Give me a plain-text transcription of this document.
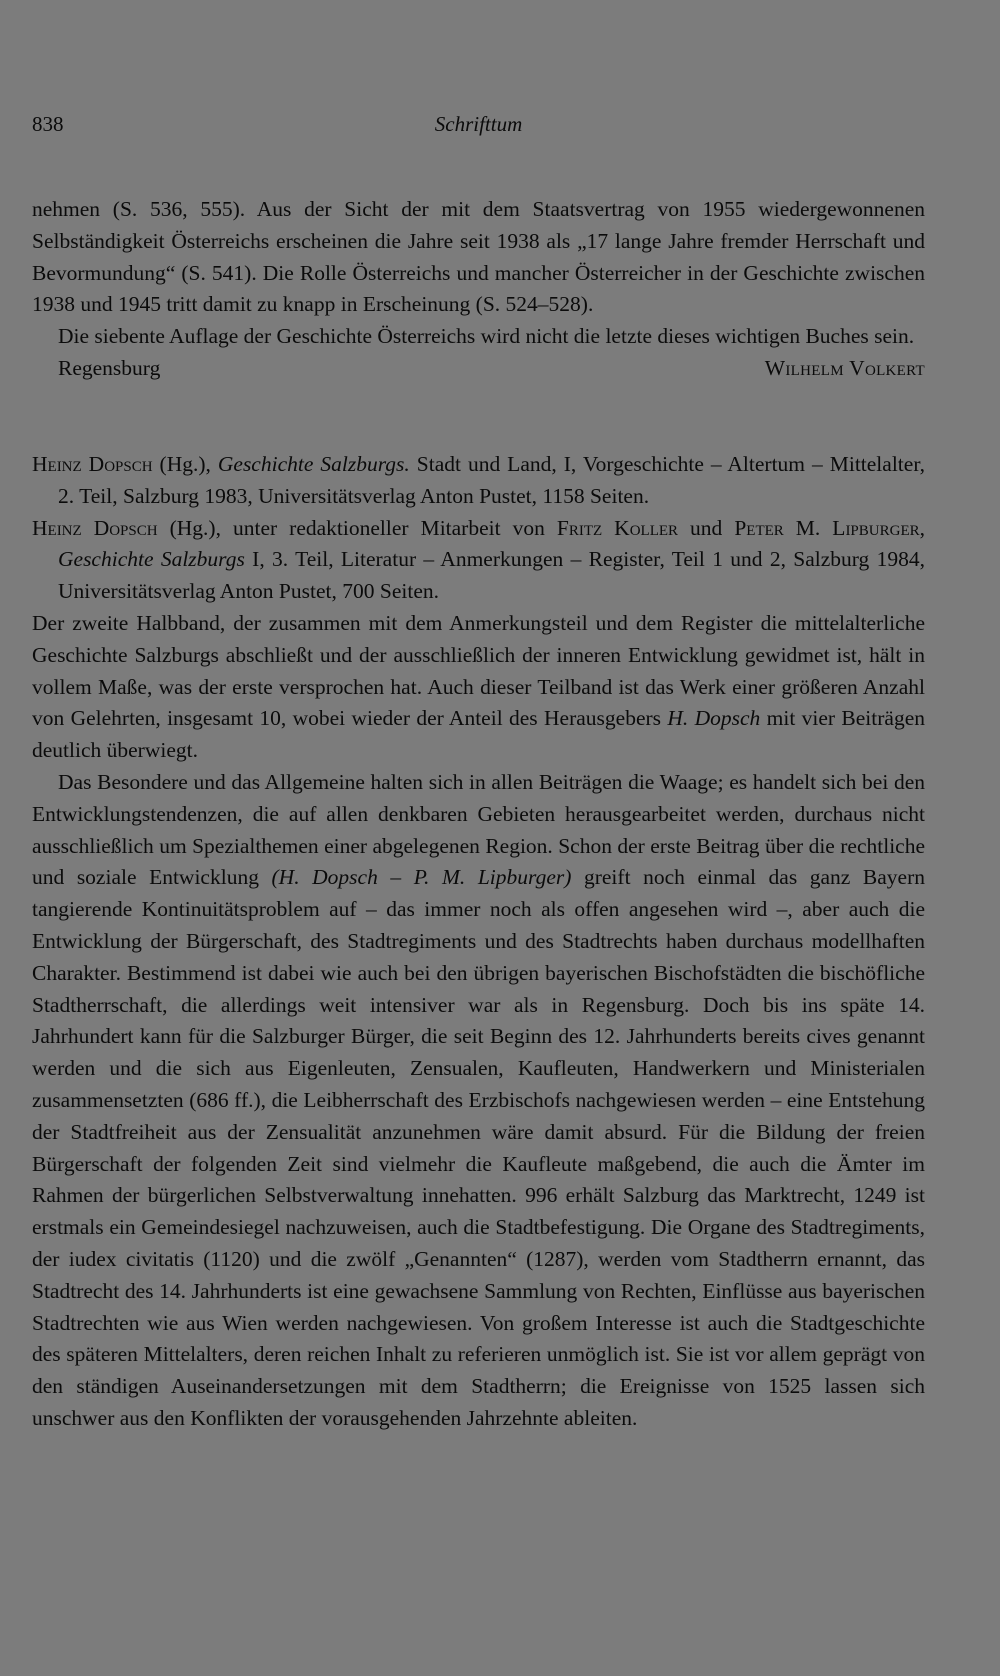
838	Schrifttum

nehmen (S. 536, 555). Aus der Sicht der mit dem Staatsvertrag von 1955 wiedergewonnenen Selbständigkeit Österreichs erscheinen die Jahre seit 1938 als „17 lange Jahre fremder Herrschaft und Bevormundung“ (S. 541). Die Rolle Österreichs und mancher Österreicher in der Geschichte zwischen 1938 und 1945 tritt damit zu knapp in Erscheinung (S. 524–528).

Die siebente Auflage der Geschichte Österreichs wird nicht die letzte dieses wichtigen Buches sein.

Regensburg	Wilhelm Volkert

Heinz Dopsch (Hg.), Geschichte Salzburgs. Stadt und Land, I, Vorgeschichte – Altertum – Mittelalter, 2. Teil, Salzburg 1983, Universitätsverlag Anton Pustet, 1158 Seiten.

Heinz Dopsch (Hg.), unter redaktioneller Mitarbeit von Fritz Koller und Peter M. Lipburger, Geschichte Salzburgs I, 3. Teil, Literatur – Anmerkungen – Register, Teil 1 und 2, Salzburg 1984, Universitätsverlag Anton Pustet, 700 Seiten.

Der zweite Halbband, der zusammen mit dem Anmerkungsteil und dem Register die mittelalterliche Geschichte Salzburgs abschließt und der ausschließlich der inneren Entwicklung gewidmet ist, hält in vollem Maße, was der erste versprochen hat. Auch dieser Teilband ist das Werk einer größeren Anzahl von Gelehrten, insgesamt 10, wobei wieder der Anteil des Herausgebers H. Dopsch mit vier Beiträgen deutlich überwiegt.

Das Besondere und das Allgemeine halten sich in allen Beiträgen die Waage; es handelt sich bei den Entwicklungstendenzen, die auf allen denkbaren Gebieten herausgearbeitet werden, durchaus nicht ausschließlich um Spezialthemen einer abgelegenen Region. Schon der erste Beitrag über die rechtliche und soziale Entwicklung (H. Dopsch – P. M. Lipburger) greift noch einmal das ganz Bayern tangierende Kontinuitätsproblem auf – das immer noch als offen angesehen wird –, aber auch die Entwicklung der Bürgerschaft, des Stadtregiments und des Stadtrechts haben durchaus modellhaften Charakter. Bestimmend ist dabei wie auch bei den übrigen bayerischen Bischofstädten die bischöfliche Stadtherrschaft, die allerdings weit intensiver war als in Regensburg. Doch bis ins späte 14. Jahrhundert kann für die Salzburger Bürger, die seit Beginn des 12. Jahrhunderts bereits cives genannt werden und die sich aus Eigenleuten, Zensualen, Kaufleuten, Handwerkern und Ministerialen zusammensetzten (686 ff.), die Leibherrschaft des Erzbischofs nachgewiesen werden – eine Entstehung der Stadtfreiheit aus der Zensualität anzunehmen wäre damit absurd. Für die Bildung der freien Bürgerschaft der folgenden Zeit sind vielmehr die Kaufleute maßgebend, die auch die Ämter im Rahmen der bürgerlichen Selbstverwaltung innehatten. 996 erhält Salzburg das Marktrecht, 1249 ist erstmals ein Gemeindesiegel nachzuweisen, auch die Stadtbefestigung. Die Organe des Stadtregiments, der iudex civitatis (1120) und die zwölf „Genannten“ (1287), werden vom Stadtherrn ernannt, das Stadtrecht des 14. Jahrhunderts ist eine gewachsene Sammlung von Rechten, Einflüsse aus bayerischen Stadtrechten wie aus Wien werden nachgewiesen. Von großem Interesse ist auch die Stadtgeschichte des späteren Mittelalters, deren reichen Inhalt zu referieren unmöglich ist. Sie ist vor allem geprägt von den ständigen Auseinandersetzungen mit dem Stadtherrn; die Ereignisse von 1525 lassen sich unschwer aus den Konflikten der vorausgehenden Jahrzehnte ableiten.
